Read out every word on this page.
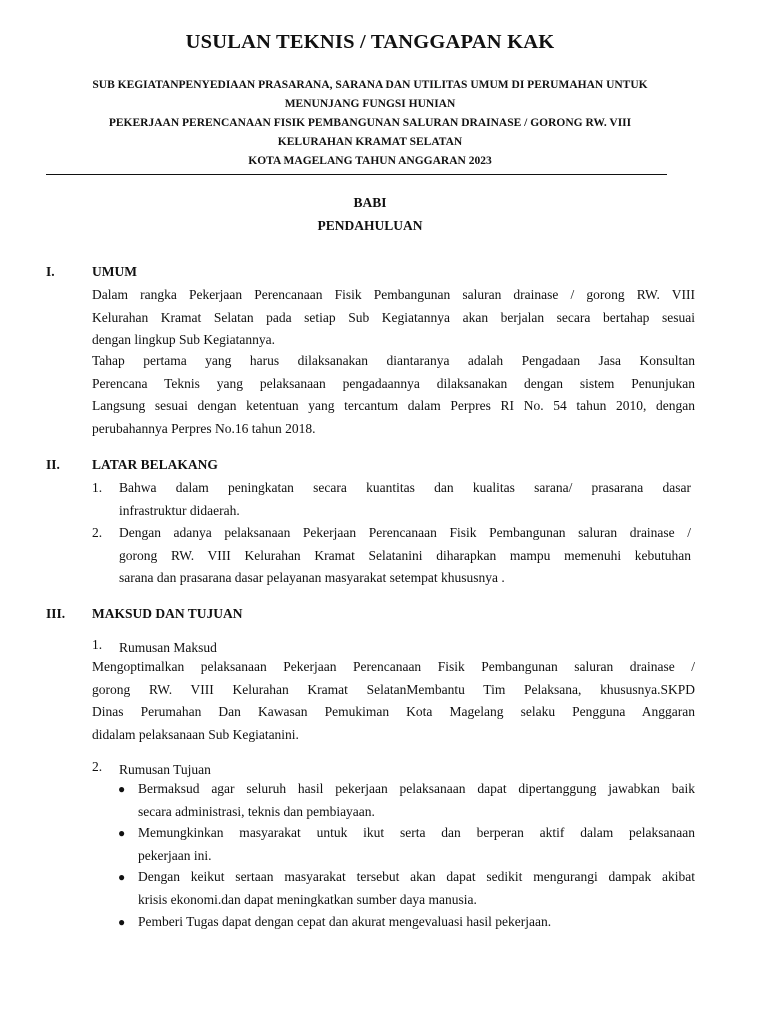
USULAN TEKNIS / TANGGAPAN KAK
SUB KEGIATANPENYEDIAAN PRASARANA, SARANA DAN UTILITAS UMUM DI PERUMAHAN UNTUK
MENUNJANG FUNGSI HUNIAN
PEKERJAAN PERENCANAAN FISIK PEMBANGUNAN SALURAN DRAINASE / GORONG RW. VIII
KELURAHAN KRAMAT SELATAN
KOTA MAGELANG TAHUN ANGGARAN 2023
BABI
PENDAHULUAN
I.	UMUM
Dalam rangka Pekerjaan Perencanaan Fisik Pembangunan saluran drainase / gorong RW. VIII
Kelurahan Kramat Selatan pada setiap Sub Kegiatannya akan berjalan secara bertahap sesuai
dengan lingkup Sub Kegiatannya.
Tahap pertama yang harus dilaksanakan diantaranya adalah Pengadaan Jasa Konsultan
Perencana Teknis yang pelaksanaan pengadaannya dilaksanakan dengan sistem Penunjukan
Langsung sesuai dengan ketentuan yang tercantum dalam Perpres RI No. 54 tahun 2010, dengan
perubahannya Perpres No.16 tahun 2018.
II. LATAR BELAKANG
1. Bahwa dalam peningkatan secara kuantitas dan kualitas sarana/ prasarana dasar
infrastruktur didaerah.
2. Dengan adanya pelaksanaan Pekerjaan Perencanaan Fisik Pembangunan saluran drainase /
gorong RW. VIII Kelurahan Kramat Selatanini diharapkan mampu memenuhi kebutuhan
sarana dan prasarana dasar pelayanan masyarakat setempat khususnya .
III. MAKSUD DAN TUJUAN
1. Rumusan Maksud
Mengoptimalkan pelaksanaan Pekerjaan Perencanaan Fisik Pembangunan saluran drainase /
gorong RW. VIII Kelurahan Kramat SelatanMembantu Tim Pelaksana, khususnya.SKPD
Dinas Perumahan Dan Kawasan Pemukiman Kota Magelang selaku Pengguna Anggaran
didalam pelaksanaan Sub Kegiatanini.
2. Rumusan Tujuan
● Bermaksud agar seluruh hasil pekerjaan pelaksanaan dapat dipertanggung jawabkan baik
secara administrasi, teknis dan pembiayaan.
● Memungkinkan masyarakat untuk ikut serta dan berperan aktif dalam pelaksanaan
pekerjaan ini.
● Dengan keikut sertaan masyarakat tersebut akan dapat sedikit mengurangi dampak akibat
krisis ekonomi.dan dapat meningkatkan sumber daya manusia.
● Pemberi Tugas dapat dengan cepat dan akurat mengevaluasi hasil pekerjaan.
